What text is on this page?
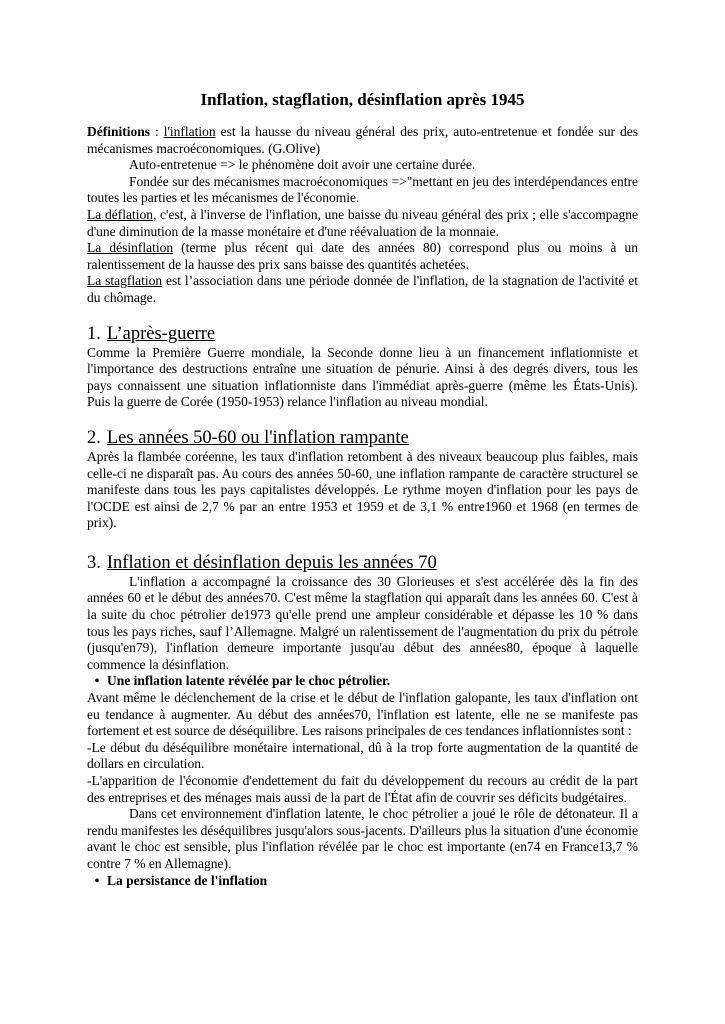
Inflation, stagflation, désinflation après 1945

Définitions : l'inflation est la hausse du niveau général des prix, auto-entretenue et fondée sur des mécanismes macroéconomiques. (G.Olive)

Auto-entretenue => le phénomène doit avoir une certaine durée.

Fondée sur des mécanismes macroéconomiques =>"mettant en jeu des interdépendances entre toutes les parties et les mécanismes de l'économie.

La déflation, c'est, à l'inverse de l'inflation, une baisse du niveau général des prix ; elle s'accompagne d'une diminution de la masse monétaire et d'une réévaluation de la monnaie.

La désinflation (terme plus récent qui date des années 80) correspond plus ou moins à un ralentissement de la hausse des prix sans baisse des quantités achetées.

La stagflation est l’association dans une période donnée de l'inflation, de la stagnation de l'activité et du chômage.

1. L’après-guerre

Comme la Première Guerre mondiale, la Seconde donne lieu à un financement inflationniste et l'importance des destructions entraîne une situation de pénurie. Ainsi à des degrés divers, tous les pays connaissent une situation inflationniste dans l'immédiat après-guerre (même les États-Unis). Puis la guerre de Corée (1950-1953) relance l'inflation au niveau mondial.

2. Les années 50-60 ou l'inflation rampante

Après la flambée coréenne, les taux d'inflation retombent à des niveaux beaucoup plus faibles, mais celle-ci ne disparaît pas. Au cours des années 50-60, une inflation rampante de caractère structurel se manifeste dans tous les pays capitalistes développés. Le rythme moyen d'inflation pour les pays de l'OCDE est ainsi de 2,7 % par an entre 1953 et 1959 et de 3,1 % entre1960 et 1968 (en termes de prix).

3. Inflation et désinflation depuis les années 70

L'inflation a accompagné la croissance des 30 Glorieuses et s'est accélérée dès la fin des années 60 et le début des années70. C'est même la stagflation qui apparaît dans les années 60. C'est à la suite du choc pétrolier de1973 qu'elle prend une ampleur considérable et dépasse les 10 % dans tous les pays riches, sauf l’Allemagne. Malgré un ralentissement de l'augmentation du prix du pétrole (jusqu'en79), l'inflation demeure importante jusqu'au début des années80, époque à laquelle commence la désinflation.

• Une inflation latente révélée par le choc pétrolier.

Avant même le déclenchement de la crise et le début de l'inflation galopante, les taux d'inflation ont eu tendance à augmenter. Au début des années70, l'inflation est latente, elle ne se manifeste pas fortement et est source de déséquilibre. Les raisons principales de ces tendances inflationnistes sont :

-Le début du déséquilibre monétaire international, dû à la trop forte augmentation de la quantité de dollars en circulation.

-L'apparition de l'économie d'endettement du fait du développement du recours au crédit de la part des entreprises et des ménages mais aussi de la part de l'État afin de couvrir ses déficits budgétaires.

Dans cet environnement d'inflation latente, le choc pétrolier a joué le rôle de détonateur. Il a rendu manifestes les déséquilibres jusqu'alors sous-jacents. D'ailleurs plus la situation d'une économie avant le choc est sensible, plus l'inflation révélée par le choc est importante (en74 en France13,7 % contre 7 % en Allemagne).

• La persistance de l'inflation
